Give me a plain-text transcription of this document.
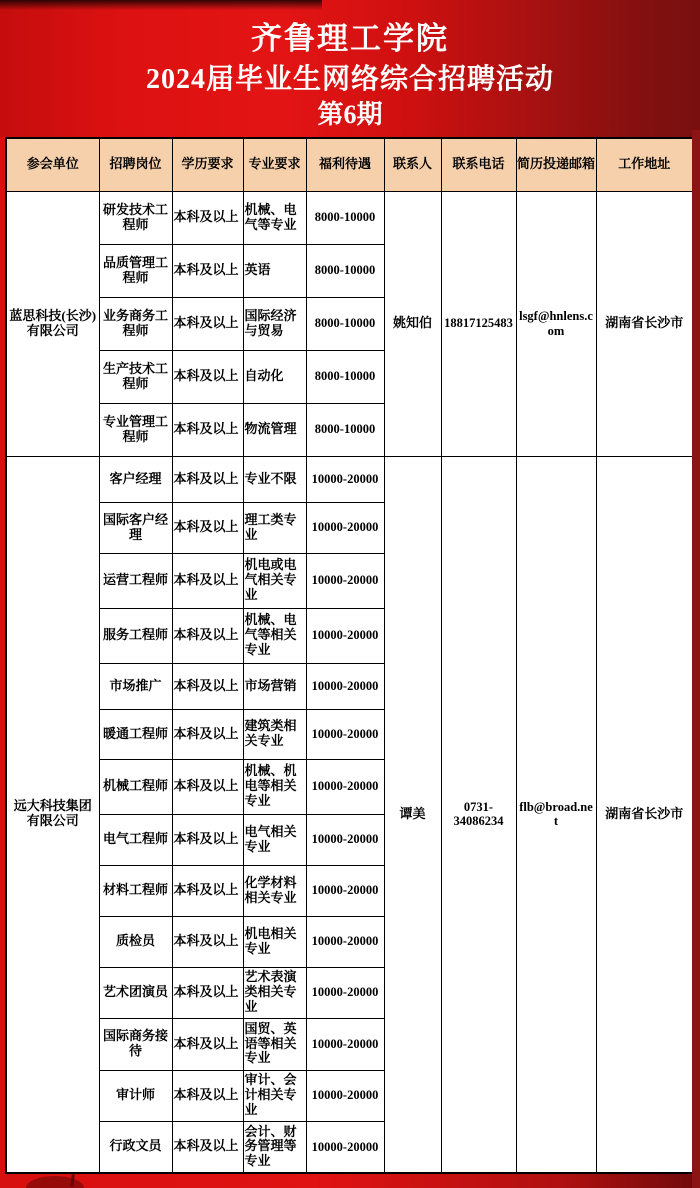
齐鲁理工学院
2024届毕业生网络综合招聘活动
第6期
参会单位	招聘岗位	学历要求	专业要求	福利待遇	联系人	联系电话	简历投递邮箱	工作地址
蓝思科技(长沙)有限公司	研发技术工程师	本科及以上	机械、电气等专业	8000-10000	姚知伯	18817125483	lsgf@hnlens.com	湖南省长沙市
	品质管理工程师	本科及以上	英语	8000-10000				
	业务商务工程师	本科及以上	国际经济与贸易	8000-10000				
	生产技术工程师	本科及以上	自动化	8000-10000				
	专业管理工程师	本科及以上	物流管理	8000-10000				
远大科技集团有限公司	客户经理	本科及以上	专业不限	10000-20000	谭美	0731-34086234	flb@broad.net	湖南省长沙市
	国际客户经理	本科及以上	理工类专业	10000-20000				
	运营工程师	本科及以上	机电或电气相关专业	10000-20000				
	服务工程师	本科及以上	机械、电气等相关专业	10000-20000				
	市场推广	本科及以上	市场营销	10000-20000				
	暖通工程师	本科及以上	建筑类相关专业	10000-20000				
	机械工程师	本科及以上	机械、机电等相关专业	10000-20000				
	电气工程师	本科及以上	电气相关专业	10000-20000				
	材料工程师	本科及以上	化学材料相关专业	10000-20000				
	质检员	本科及以上	机电相关专业	10000-20000				
	艺术团演员	本科及以上	艺术表演类相关专业	10000-20000				
	国际商务接待	本科及以上	国贸、英语等相关专业	10000-20000				
	审计师	本科及以上	审计、会计相关专业	10000-20000				
	行政文员	本科及以上	会计、财务管理等专业	10000-20000				
